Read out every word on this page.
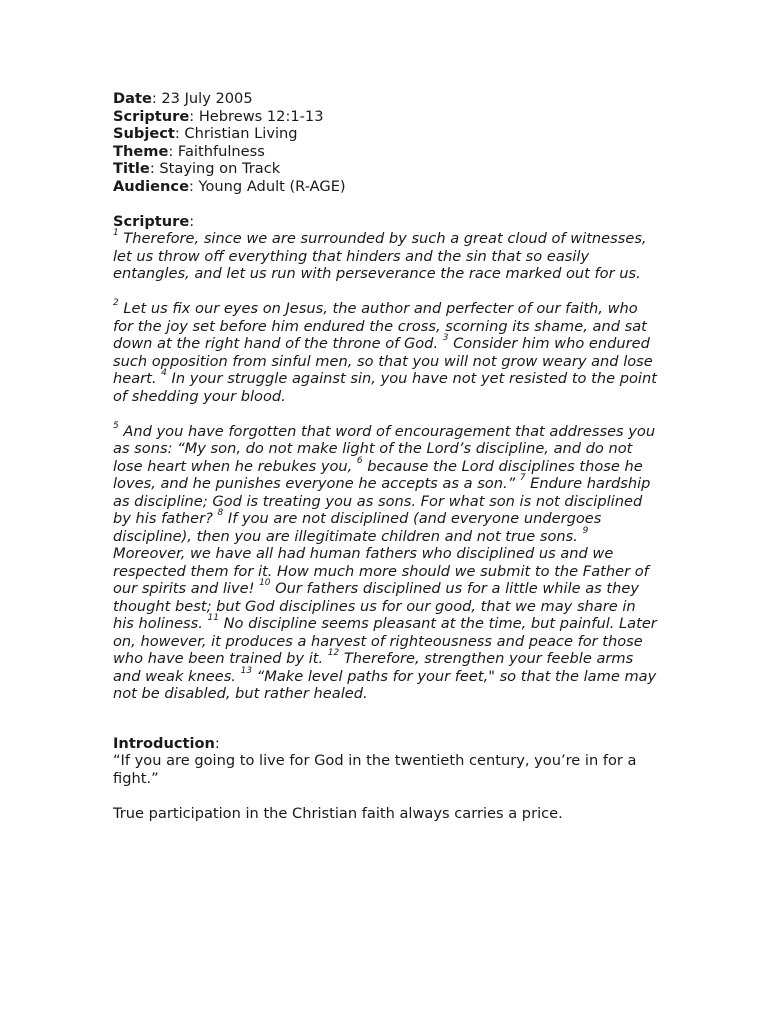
Date: 23 July 2005
Scripture: Hebrews 12:1-13
Subject: Christian Living
Theme: Faithfulness
Title: Staying on Track
Audience: Young Adult (R-AGE)
Scripture:

$^1$ Therefore, since we are surrounded by such a great cloud of witnesses, let us throw off everything that hinders and the sin that so easily entangles, and let us run with perseverance the race marked out for us.

$^2$ Let us fix our eyes on Jesus, the author and perfecter of our faith, who for the joy set before him endured the cross, scorning its shame, and sat down at the right hand of the throne of God. $^3$ Consider him who endured such opposition from sinful men, so that you will not grow weary and lose heart. $^4$ In your struggle against sin, you have not yet resisted to the point of shedding your blood.

$^5$ And you have forgotten that word of encouragement that addresses you as sons: “My son, do not make light of the Lord’s discipline, and do not lose heart when he rebukes you, $^6$ because the Lord disciplines those he loves, and he punishes everyone he accepts as a son.” $^7$ Endure hardship as discipline; God is treating you as sons. For what son is not disciplined by his father? $^8$ If you are not disciplined (and everyone undergoes discipline), then you are illegitimate children and not true sons. $^9$ Moreover, we have all had human fathers who disciplined us and we respected them for it. How much more should we submit to the Father of our spirits and live! $^{10}$ Our fathers disciplined us for a little while as they thought best; but God disciplines us for our good, that we may share in his holiness. $^{11}$ No discipline seems pleasant at the time, but painful. Later on, however, it produces a harvest of righteousness and peace for those who have been trained by it. $^{12}$ Therefore, strengthen your feeble arms and weak knees. $^{13}$ “Make level paths for your feet," so that the lame may not be disabled, but rather healed.

Introduction:

“If you are going to live for God in the twentieth century, you’re in for a fight.”

True participation in the Christian faith always carries a price.
